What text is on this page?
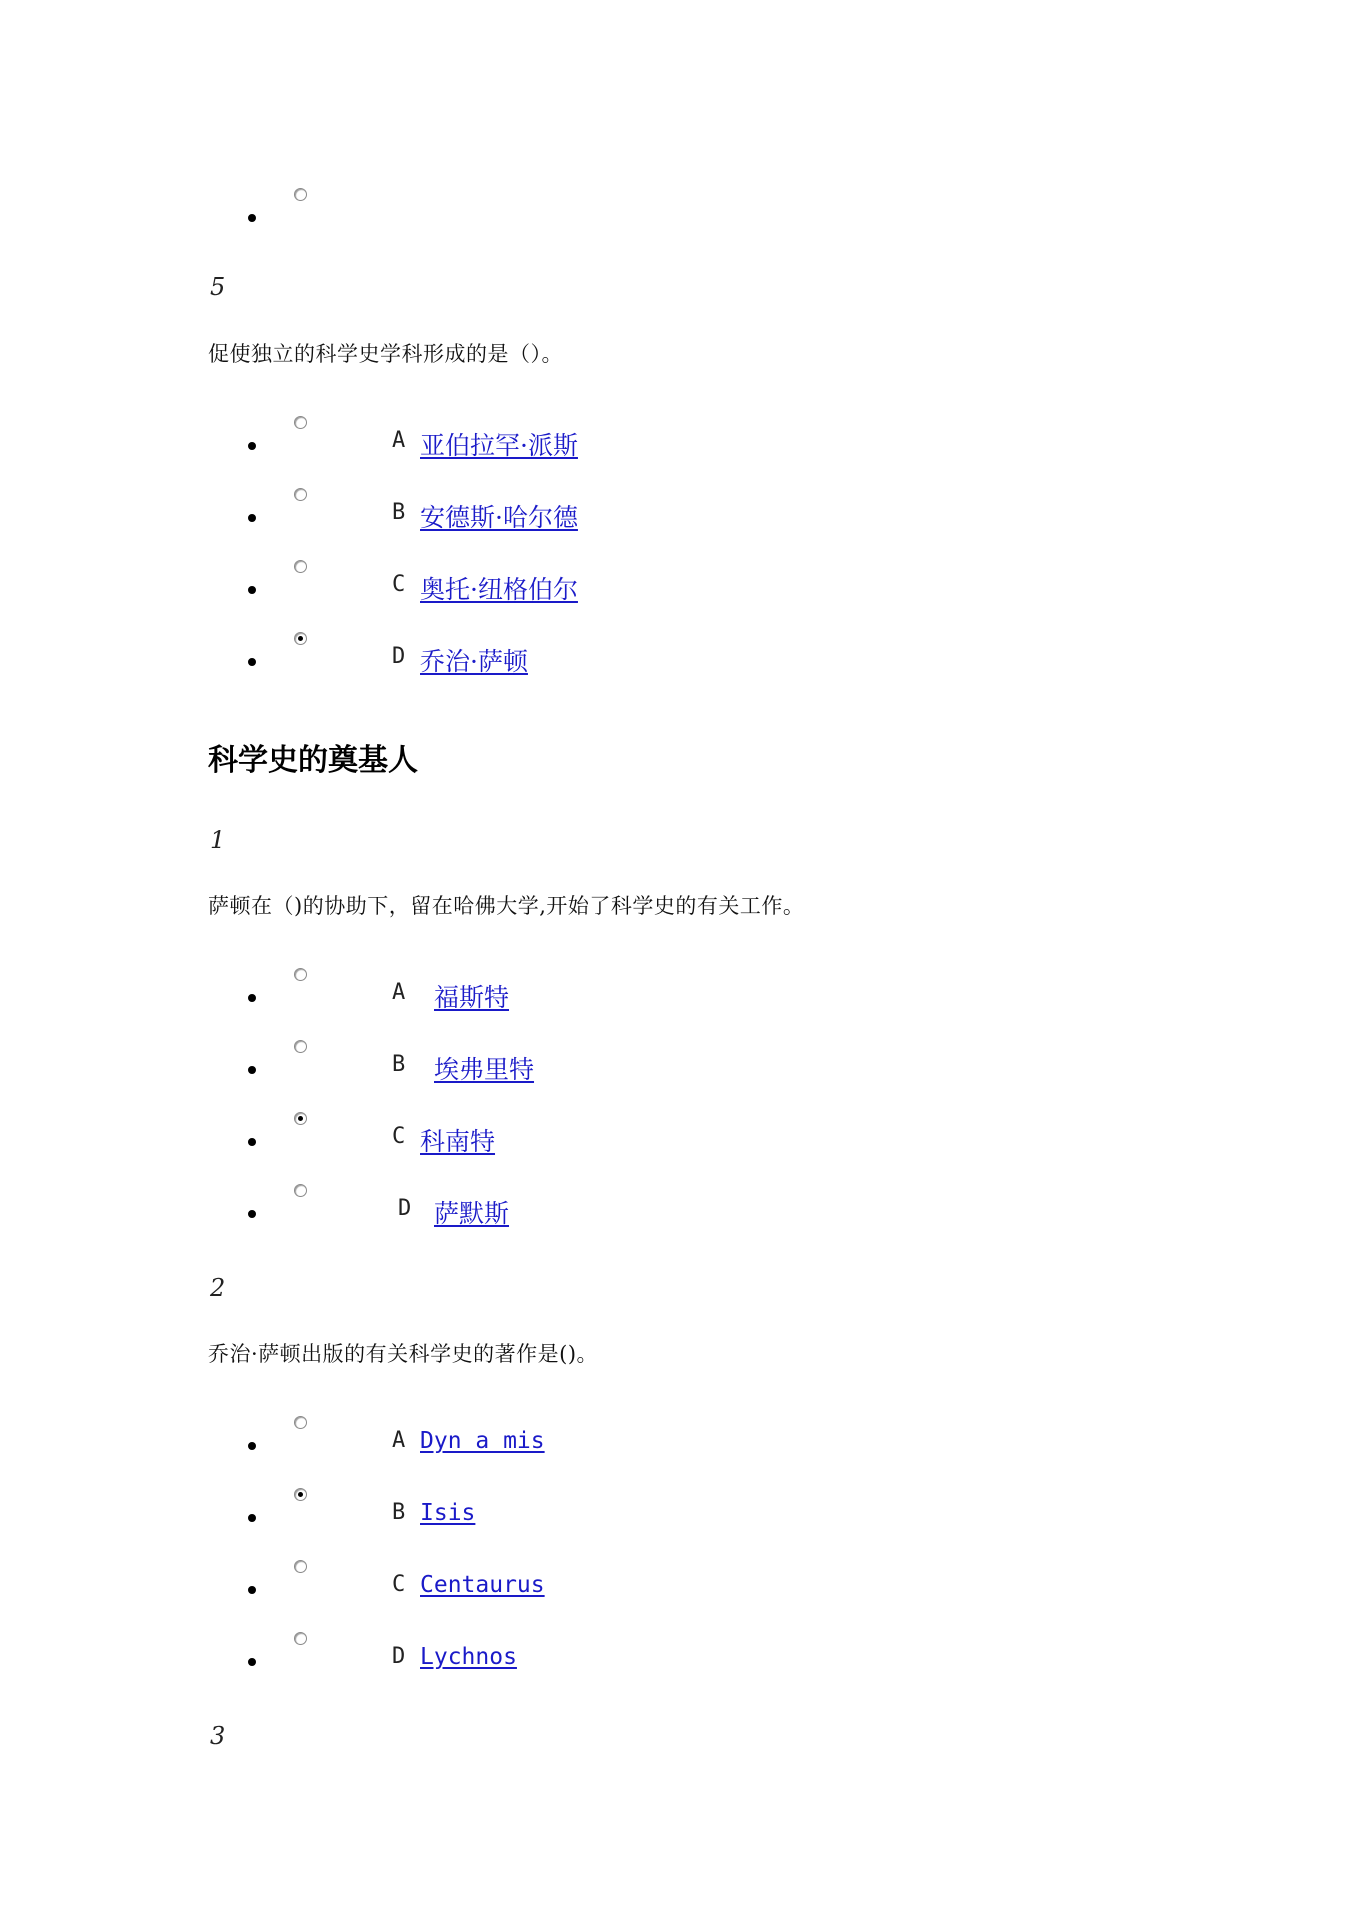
5
促使独立的科学史学科形成的是（）。
A 亚伯拉罕·派斯
B 安德斯·哈尔德
C 奥托·纽格伯尔
D 乔治·萨顿
科学史的奠基人
1
萨顿在（)的协助下，留在哈佛大学,开始了科学史的有关工作。
A 福斯特
B 埃弗里特
C 科南特
D 萨默斯
2
乔治·萨顿出版的有关科学史的著作是()。
A Dyn a mis
B Isis
C Centaurus
D Lychnos
3
